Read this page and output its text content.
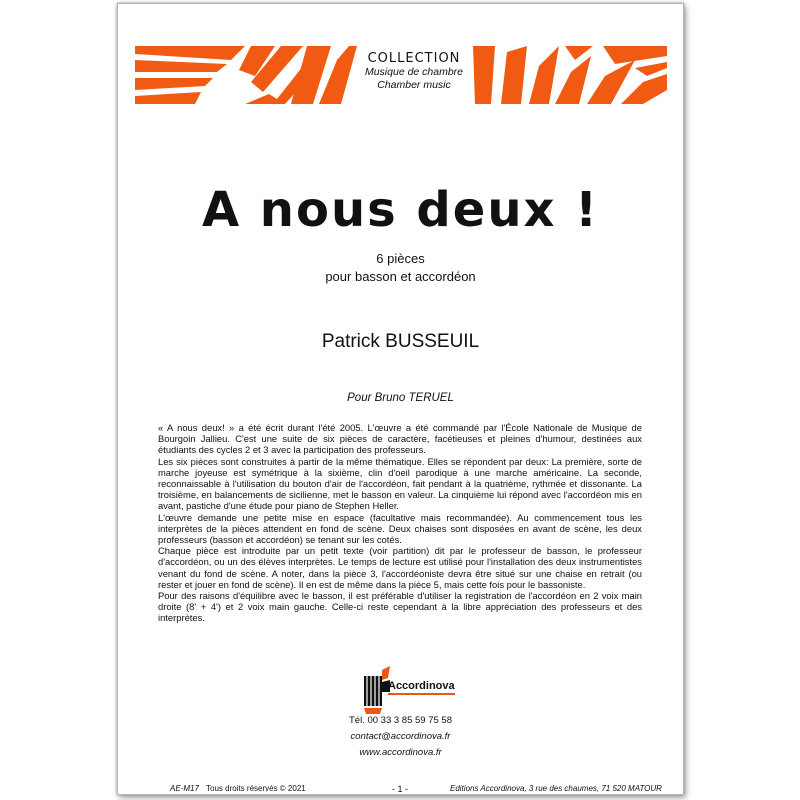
COLLECTION
Musique de chambre
Chamber music
A nous deux !
6 pièces
pour basson et accordéon
Patrick BUSSEUIL
Pour Bruno TERUEL

« A nous deux! » a été écrit durant l'été 2005. L'œuvre a été commandé par l'École Nationale de Musique de Bourgoin Jallieu. C'est une suite de six pièces de caractère, facétieuses et pleines d'humour, destinées aux étudiants des cycles 2 et 3 avec la participation des professeurs.

Les six pièces sont construites à partir de la même thématique. Elles se répondent par deux: La première, sorte de marche joyeuse est symétrique à la sixième, clin d'oeil parodique à une marche américaine. La seconde, reconnaissable à l'utilisation du bouton d'air de l'accordéon, fait pendant à la quatrième, rythmée et dissonante. La troisième, en balancements de sicilienne, met le basson en valeur. La cinquième lui répond avec l'accordéon mis en avant, pastiche d'une étude pour piano de Stephen Heller.

L'œuvre demande une petite mise en espace (facultative mais recommandée). Au commencement tous les interprètes de la pièces attendent en fond de scène. Deux chaises sont disposées en avant de scène, les deux professeurs (basson et accordéon) se tenant sur les cotés.

Chaque pièce est introduite par un petit texte (voir partition) dit par le professeur de basson, le professeur d'accordéon, ou un des élèves interprètes. Le temps de lecture est utilisé pour l'installation des deux instrumentistes venant du fond de scène. A noter, dans la pièce 3, l'accordéoniste devra être situé sur une chaise en retrait (ou rester et jouer en fond de scène). Il en est de même dans la pièce 5, mais cette fois pour le bassoniste.

Pour des raisons d'équilibre avec le basson, il est préférable d'utiliser la registration de l'accordéon en 2 voix main droite (8' + 4') et 2 voix main gauche. Celle-ci reste cependant à la libre appréciation des professeurs et des interprètes.

Accordinova
Tél. 00 33 3 85 59 75 58
contact@accordinova.fr
www.accordinova.fr
AE-M17 Tous droits réservés © 2021	- 1 -	Editions Accordinova, 3 rue des chaumes, 71 520 MATOUR
